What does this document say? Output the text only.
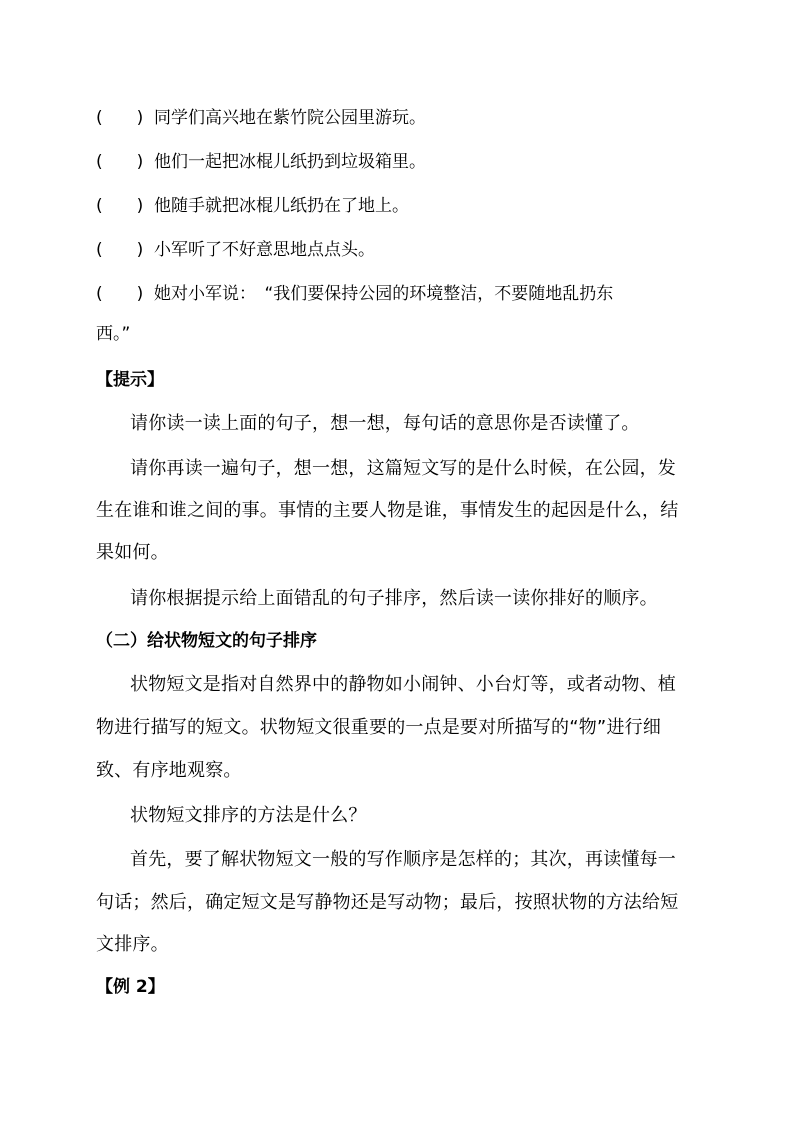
(　　) 同学们高兴地在紫竹院公园里游玩。
(　　) 他们一起把冰棍儿纸扔到垃圾箱里。
(　　) 他随手就把冰棍儿纸扔在了地上。
(　　) 小军听了不好意思地点点头。
(　　) 她对小军说：　“我们要保持公园的环境整洁，不要随地乱扔东
西。”
【提示】
请你读一读上面的句子，想一想，每句话的意思你是否读懂了。
请你再读一遍句子，想一想，这篇短文写的是什么时候，在公园，发
生在谁和谁之间的事。事情的主要人物是谁，事情发生的起因是什么，结
果如何。
请你根据提示给上面错乱的句子排序，然后读一读你排好的顺序。
（二）给状物短文的句子排序
状物短文是指对自然界中的静物如小闹钟、小台灯等，或者动物、植
物进行描写的短文。状物短文很重要的一点是要对所描写的“物”进行细
致、有序地观察。
状物短文排序的方法是什么？
首先，要了解状物短文一般的写作顺序是怎样的；其次，再读懂每一
句话；然后，确定短文是写静物还是写动物；最后，按照状物的方法给短
文排序。
【例 2】
